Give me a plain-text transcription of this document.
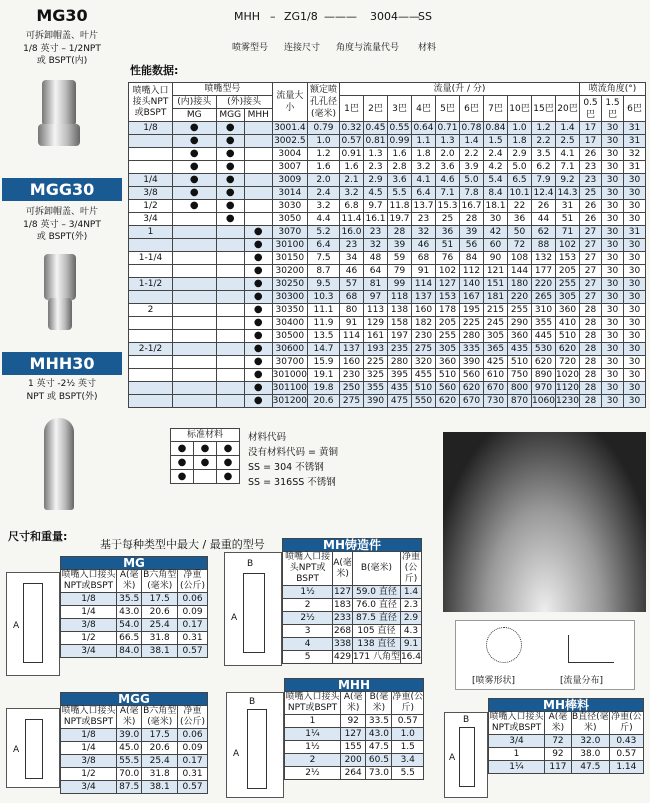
MG30
可拆卸帽盖、叶片
1/8 英寸 – 1/2NPT
或 BSPT(内)
MGG30
可拆卸帽盖、叶片
1/8 英寸 – 3/4NPT
或 BSPT(外)
MHH30
1 英寸 -2½ 英寸
NPT 或 BSPT(外)
MHH – ZG1/8 ——— 3004 ——
SS
喷雾型号 连接尺寸 角度与流量代号 材料
性能数据:
喷嘴入口接头NPT或BSPT	喷嘴型号			流量大小	额定喷孔孔径(毫米)	流量(升 / 分)										喷流角度(°)		
	(内)接头	(外)接头				1巴	2巴	3巴	4巴	5巴	6巴	7巴	10巴	15巴	20巴	0.5巴	1.5巴	6巴
	MG	MGG	MHH															
1/8	●	●		3001.4	0.79	0.32	0.45	0.55	0.64	0.71	0.78	0.84	1.0	1.2	1.4	17	30	31
	●	●		3002.5	1.0	0.57	0.81	0.99	1.1	1.3	1.4	1.5	1.8	2.2	2.5	17	30	31
	●	●		3004	1.2	0.91	1.3	1.6	1.8	2.0	2.2	2.4	2.9	3.5	4.1	26	30	32
	●	●		3007	1.6	1.6	2.3	2.8	3.2	3.6	3.9	4.2	5.0	6.2	7.1	23	30	31
1/4	●	●		3009	2.0	2.1	2.9	3.6	4.1	4.6	5.0	5.4	6.5	7.9	9.2	23	30	30
3/8	●	●		3014	2.4	3.2	4.5	5.5	6.4	7.1	7.8	8.4	10.1	12.4	14.3	25	30	30
1/2	●	●		3030	3.2	6.8	9.7	11.8	13.7	15.3	16.7	18.1	22	26	31	26	30	30
3/4		●		3050	4.4	11.4	16.1	19.7	23	25	28	30	36	44	51	26	30	30
1			●	3070	5.2	16.0	23	28	32	36	39	42	50	62	71	27	30	31
			●	30100	6.4	23	32	39	46	51	56	60	72	88	102	27	30	30
1-1/4			●	30150	7.5	34	48	59	68	76	84	90	108	132	153	27	30	30
			●	30200	8.7	46	64	79	91	102	112	121	144	177	205	27	30	30
1-1/2			●	30250	9.5	57	81	99	114	127	140	151	180	220	255	27	30	30
			●	30300	10.3	68	97	118	137	153	167	181	220	265	305	27	30	30
2			●	30350	11.1	80	113	138	160	178	195	215	255	310	360	28	30	30
			●	30400	11.9	91	129	158	182	205	225	245	290	355	410	28	30	30
			●	30500	13.5	114	161	197	230	255	280	305	360	445	510	28	30	30
2-1/2			●	30600	14.7	137	193	235	275	305	335	365	435	530	620	28	30	30
			●	30700	15.9	160	225	280	320	360	390	425	510	620	720	28	30	30
			●	301000	19.1	230	325	395	455	510	560	610	750	890	1020	28	30	30
			●	301100	19.8	250	355	435	510	560	620	670	800	970	1120	28	30	30
			●	301200	20.6	275	390	475	550	620	670	730	870	1060	1230	28	30	30
标准材料		
●	●	●
●	●	●
●		●
材料代码
没有材料代码 = 黄铜
SS = 304 不锈钢
SS = 316SS 不锈钢
[喷雾形状]	[流量分布]
尺寸和重量:
基于每种类型中最大 / 最重的型号
A
MG			
喷嘴入口接头NPT或BSPT	A(毫米)	B六角型(毫米)	净重(公斤)
1/8	35.5	17.5	0.06
1/4	43.0	20.6	0.09
3/8	54.0	25.4	0.17
1/2	66.5	31.8	0.31
3/4	84.0	38.1	0.57
A
MGG			
喷嘴入口接头NPT或BSPT	A(毫米)	B六角型(毫米)	净重(公斤)
1/8	39.0	17.5	0.06
1/4	45.0	20.6	0.09
3/8	55.5	25.4	0.17
1/2	70.0	31.8	0.31
3/4	87.5	38.1	0.57
B
A
MH铸造件			
喷嘴入口接头NPT或BSPT	A(毫米)	B(毫米)	净重(公斤)
1½	127	59.0 直径	1.4
2	183	76.0 直径	2.3
2½	233	87.5 直径	2.9
3	268	105 直径	4.3
4	338	138 直径	9.1
5	429	171 八角型	16.4
B
A
MHH			
喷嘴入口接头NPT或BSPT	A(毫米)	B(毫米)	净重(公斤)
1	92	33.5	0.57
1¼	127	43.0	1.0
1½	155	47.5	1.5
2	200	60.5	3.4
2½	264	73.0	5.5
B
A
MH棒料			
喷嘴入口接头NPT或BSPT	A(毫米)	B直径(毫米)	净重(公斤)
3/4	72	32.0	0.43
1	92	38.0	0.57
1¼	117	47.5	1.14
